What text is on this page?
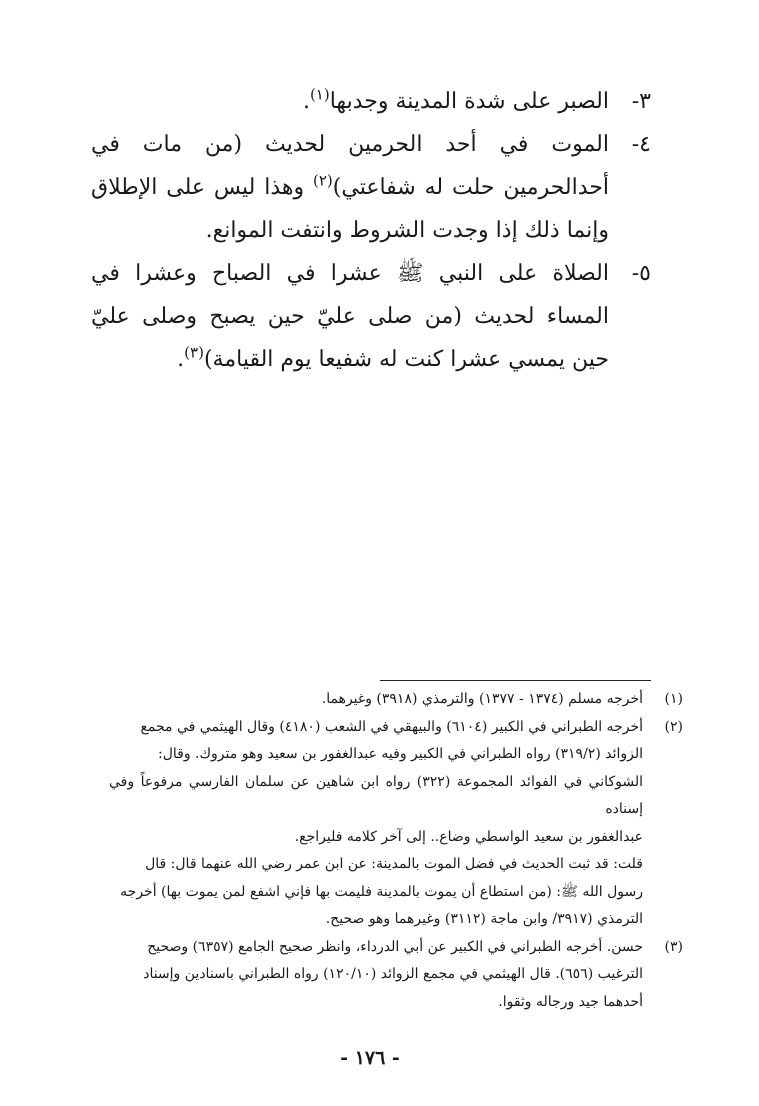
٣-
الصبر على شدة المدينة وجدبها$^{(١)}$.
٤-
الموت في أحد الحرمين لحديث (من مات في أحدالحرمين حلت له شفاعتي)$^{(٢)}$ وهذا ليس على الإطلاق وإنما ذلك إذا وجدت الشروط وانتفت الموانع.
٥-
الصلاة على النبي ﷺ عشرا في الصباح وعشرا في المساء لحديث (من صلى عليّ حين يصبح وصلى عليّ حين يمسي عشرا كنت له شفيعا يوم القيامة)$^{(٣)}$.
(١)

أخرجه مسلم (١٣٧٤ - ١٣٧٧) والترمذي (٣٩١٨) وغيرهما.

(٢)

أخرجه الطبراني في الكبير (٦١٠٤) والبيهقي في الشعب (٤١٨٠) وقال الهيثمي في مجمع

الزوائد (٣١٩/٢) رواه الطبراني في الكبير وفيه عبدالغفور بن سعيد وهو متروك. وقال:

الشوكاني في الفوائد المجموعة (٣٢٢) رواه ابن شاهين عن سلمان الفارسي مرفوعاً وفي إسناده

عبدالغفور بن سعيد الواسطي وضاع.. إلى آخر كلامه فليراجع.

قلت: قد ثبت الحديث في فضل الموت بالمدينة: عن ابن عمر رضي الله عنهما قال: قال

رسول الله ﷺ: (من استطاع أن يموت بالمدينة فليمت بها فإني اشفع لمن يموت بها) أخرجه

الترمذي (٣٩١٧/ وابن ماجة (٣١١٢) وغيرهما وهو صحيح.

(٣)

حسن. أخرجه الطبراني في الكبير عن أبي الدرداء، وانظر صحيح الجامع (٦٣٥٧) وصحيح

الترغيب (٦٥٦). قال الهيثمي في مجمع الزوائد (١٢٠/١٠) رواه الطبراني باسنادين وإسناد

أحدهما جيد ورجاله وثقوا.

- ١٧٦ -
